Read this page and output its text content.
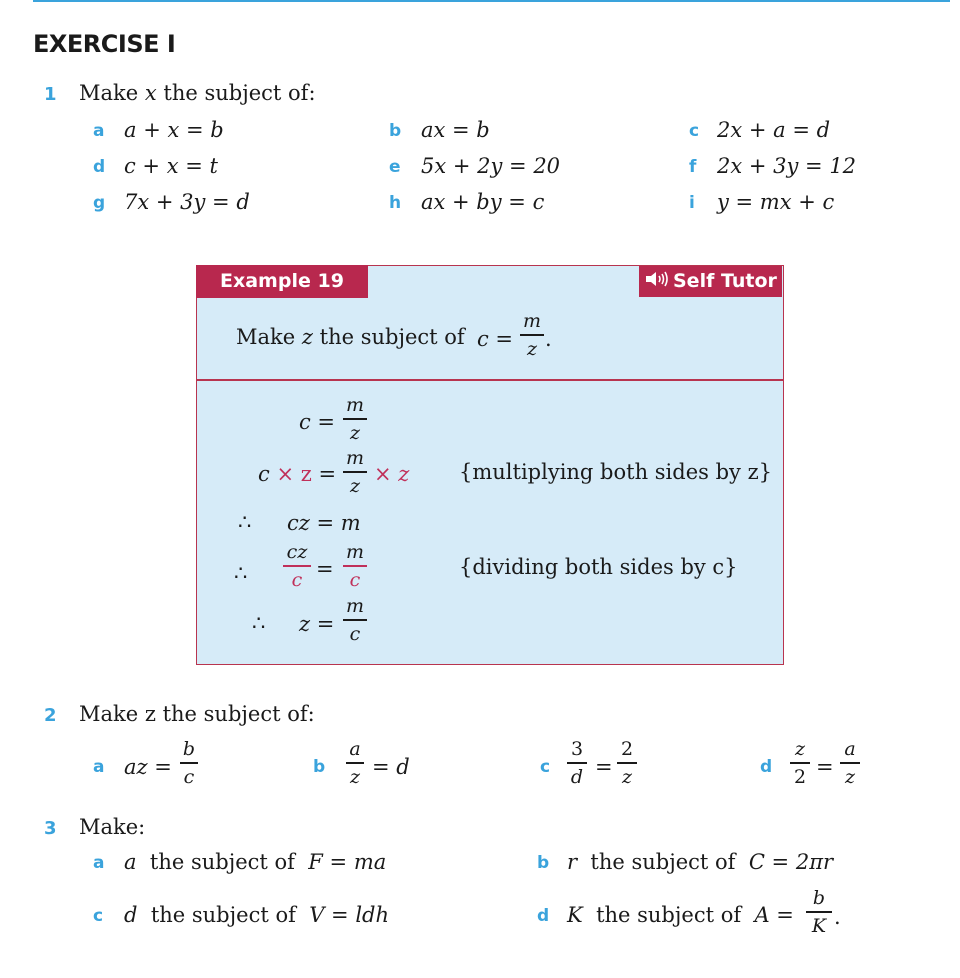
EXERCISE I
1 Make x the subject of:
a a + x = b	b ax = b	c 2x + a = d
d c + x = t	e 5x + 2y = 20	f 2x + 3y = 12
g 7x + 3y = d	h ax + by = c	i y = mx + c
Example 19	Self Tutor
Make z the subject of c =
m
z .
c =
m
z
c × z =
m
z × z {multiplying both sides by z}
∴ cz = m
∴
cz
c =
m
c
{dividing both sides by c}
∴ z =
m
c
2 Make z the subject of:
a az =
b
c	b
a
z = d	c
3
d =
2
z	d
z
2 =
a
z
3 Make:
a a the subject of F = ma	b r the subject of C = 2πr
c d the subject of V = ldh	d K the subject of A =
b
K .
